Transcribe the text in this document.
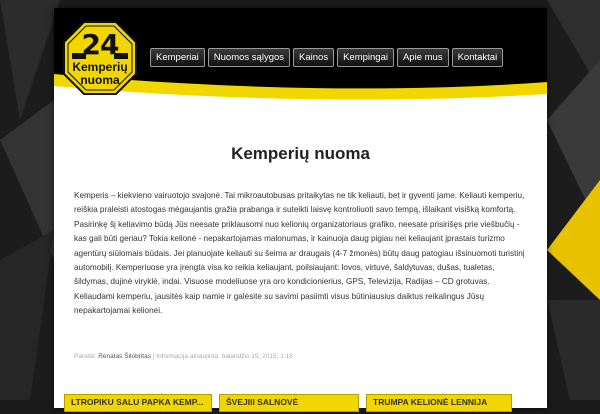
24
Kemperių
nuoma
Kemperiai	Nuomos sąlygos	Kainos	Kempingai	Apie mus	Kontaktai
Kemperių nuoma

Kemperis – kiekvieno vairuotojo svajonė. Tai mikroautobusas pritaikytas ne tik keliauti, bet ir gyventi jame. Keliauti kemperiu, reiškia praleisti atostogas mėgaujantis gražia prabanga ir suteikti laisvę kontroliuoti savo tempą, išlaikant visišką komfortą. Pasirinkę šį keliavimo būdą Jūs neesate priklausomi nuo kelionių organizatoriaus grafiko, neesate prisirišęs prie viešbučių - kas gali būti geriau? Tokia kelionė - nepakartojamas malonumas, ir kainuoja daug pigiau nei keliaujant įprastais turizmo agentūrų siūlomais būdais. Jei planuojate keliauti su šeima ar draugais (4-7 žmonės) būtų daug patogiau išsinuomoti turistinį automobilį. Kemperiuose yra įrengta visa ko reikia keliaujant, poilsiaujant: lovos, virtuvė, šaldytuvas, dušas, tualetas, šildymas, dujinė viryklė, indai. Visuose modeliuose yra oro kondicionierius, GPS, Televizija, Radijas – CD grotuvas. Keliaudami kemperiu, jausitės kaip namie ir galėsite su savimi pasiimti visus būtiniausius daiktus reikalingus Jūsų nepakartojamai kelionei.

Parašė: Renatas Šilobritas | Informacija atnaujinta: balandžio 15, 2015, 1:18
LTROPIKU SALU PAPKA KEMP...	ŠVEJIII SALNOVĖ	TRUMPA KELIONĖ LENNIJA
